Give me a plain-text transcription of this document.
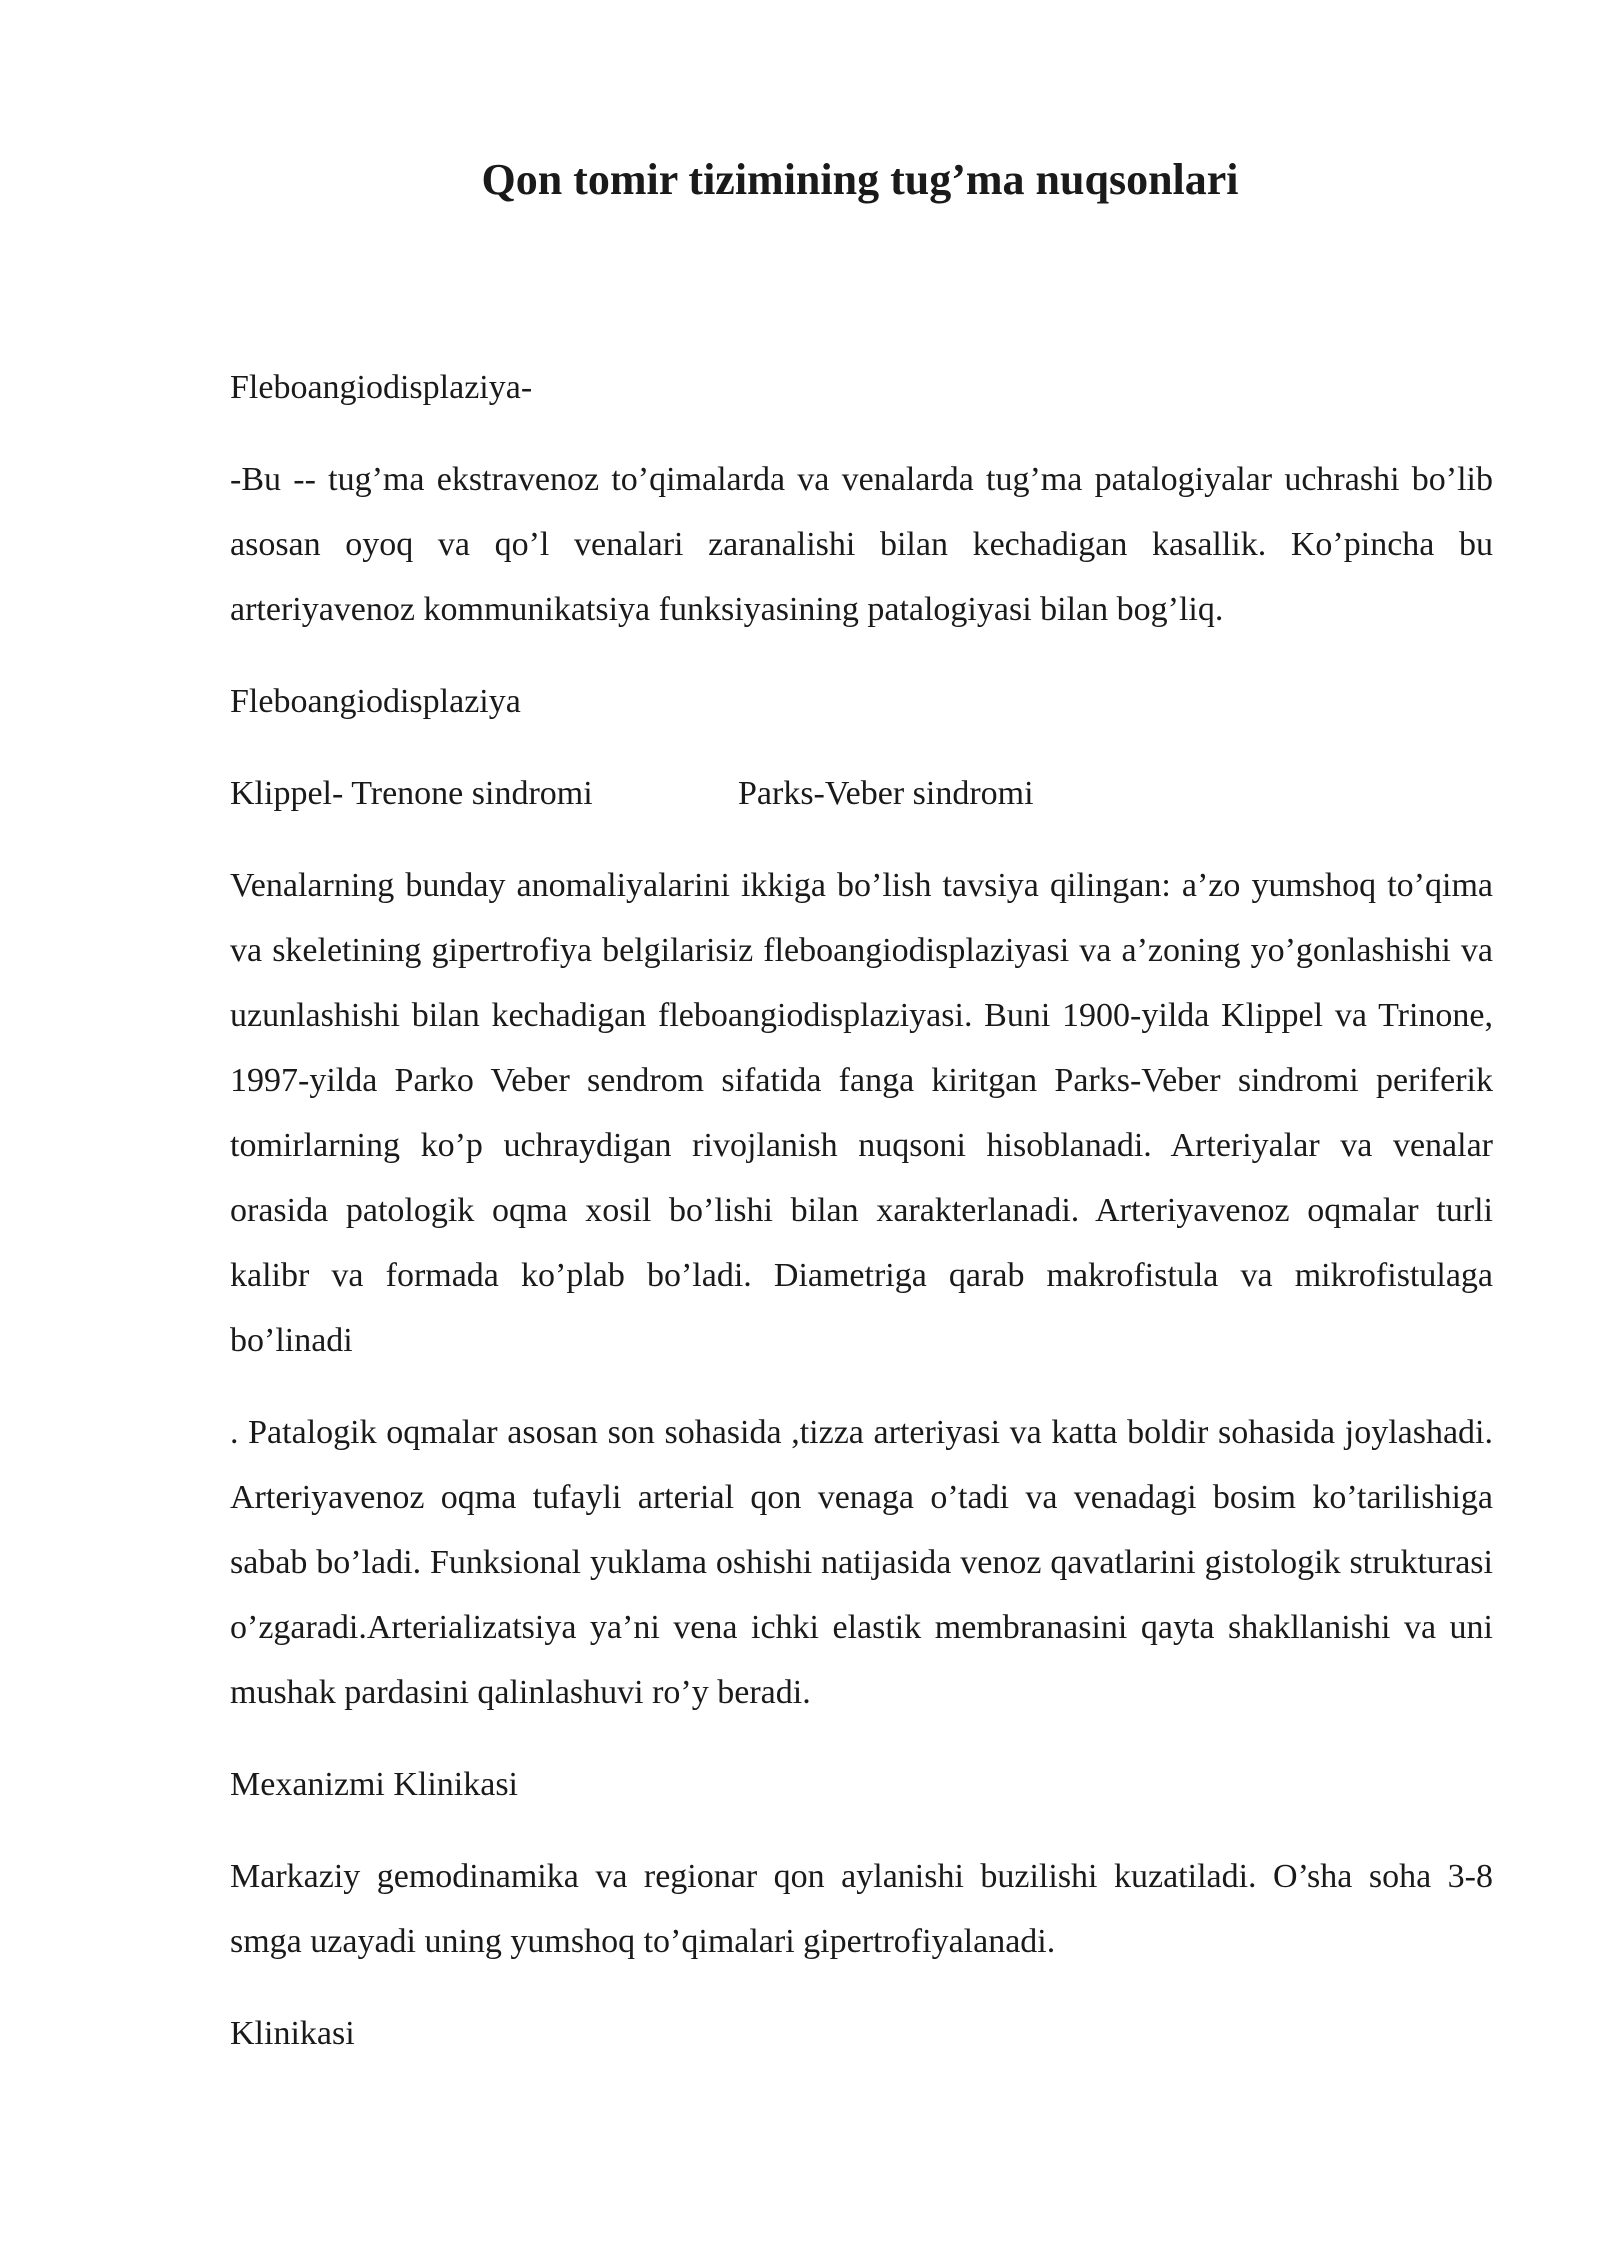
Qon tomir tizimining tug’ma nuqsonlari

Fleboangiodisplaziya-

-Bu -- tug’ma ekstravenoz to’qimalarda va venalarda tug’ma patalogiyalar uchrashi bo’lib asosan oyoq va qo’l venalari zaranalishi bilan kechadigan kasallik. Ko’pincha bu arteriyavenoz kommunikatsiya funksiyasining patalogiyasi bilan bog’liq.

Fleboangiodisplaziya

Klippel- Trenone sindromi	Parks-Veber sindromi

Venalarning bunday anomaliyalarini ikkiga bo’lish tavsiya qilingan: a’zo yumshoq to’qima va skeletining gipertrofiya belgilarisiz fleboangiodisplaziyasi va a’zoning yo’gonlashishi va uzunlashishi bilan kechadigan fleboangiodisplaziyasi. Buni 1900-yilda Klippel va Trinone, 1997-yilda Parko Veber sendrom sifatida fanga kiritgan Parks-Veber sindromi periferik tomirlarning ko’p uchraydigan rivojlanish nuqsoni hisoblanadi. Arteriyalar va venalar orasida patologik oqma xosil bo’lishi bilan xarakterlanadi. Arteriyavenoz oqmalar turli kalibr va formada ko’plab bo’ladi. Diametriga qarab makrofistula va mikrofistulaga bo’linadi

. Patalogik oqmalar asosan son sohasida ,tizza arteriyasi va katta boldir sohasida joylashadi. Arteriyavenoz oqma tufayli arterial qon venaga o’tadi va venadagi bosim ko’tarilishiga sabab bo’ladi. Funksional yuklama oshishi natijasida venoz qavatlarini gistologik strukturasi o’zgaradi.Arterializatsiya ya’ni vena ichki elastik membranasini qayta shakllanishi va uni mushak pardasini qalinlashuvi ro’y beradi.

Mexanizmi Klinikasi

Markaziy gemodinamika va regionar qon aylanishi buzilishi kuzatiladi. O’sha soha 3-8 smga uzayadi uning yumshoq to’qimalari gipertrofiyalanadi.

Klinikasi
